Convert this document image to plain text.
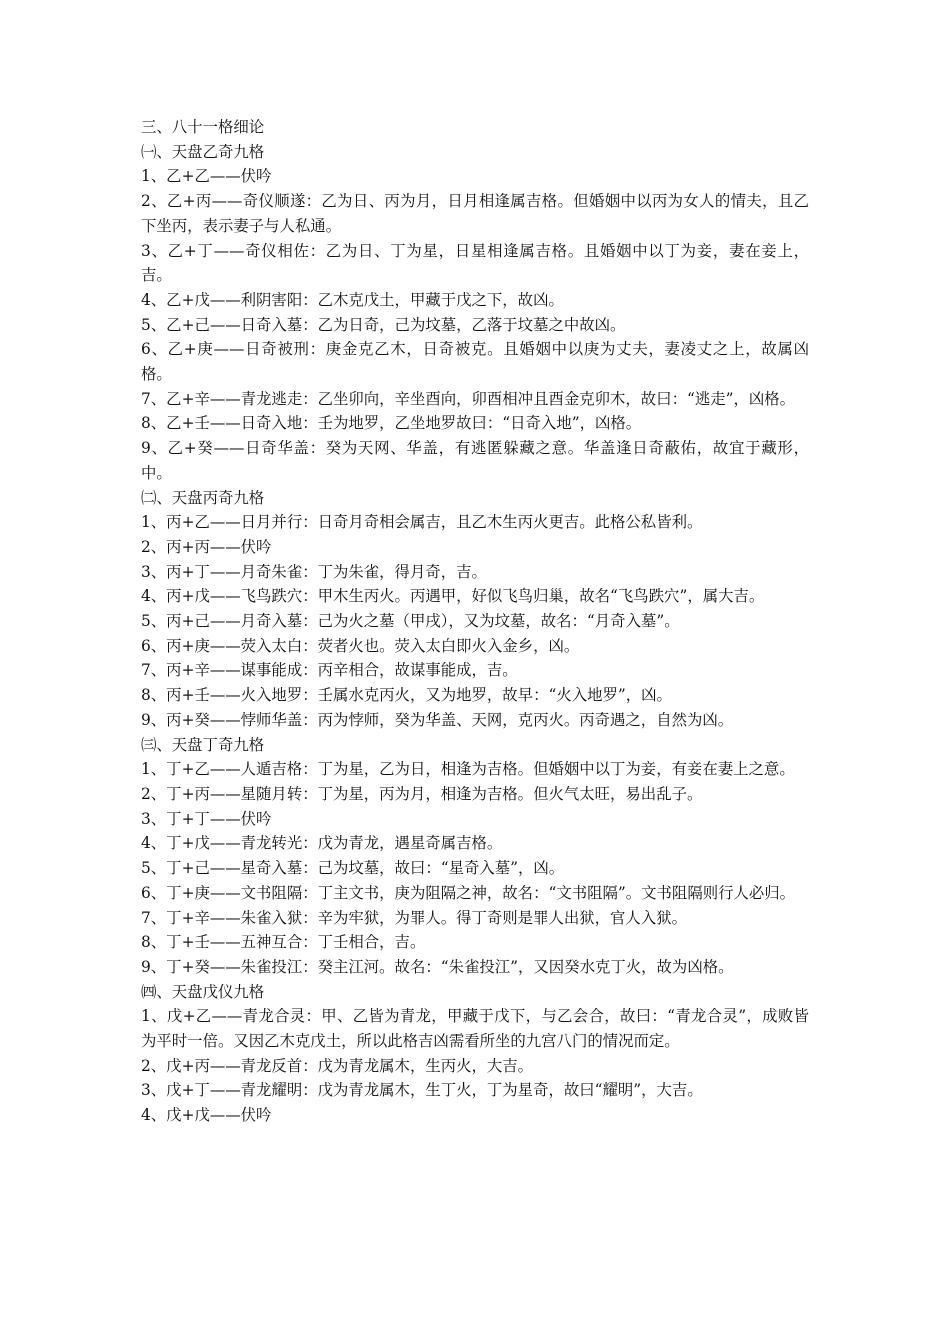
三、八十一格细论

㈠、天盘乙奇九格

1、乙+乙——伏吟

2、乙+丙——奇仪顺遂：乙为日、丙为月，日月相逢属吉格。但婚姻中以丙为女人的情夫，且乙下坐丙，表示妻子与人私通。

3、乙+丁——奇仪相佐：乙为日、丁为星，日星相逢属吉格。且婚姻中以丁为妾，妻在妾上，吉。

4、乙+戊——利阴害阳：乙木克戊土，甲藏于戊之下，故凶。

5、乙+己——日奇入墓：乙为日奇，己为坟墓，乙落于坟墓之中故凶。

6、乙+庚——日奇被刑：庚金克乙木，日奇被克。且婚姻中以庚为丈夫，妻凌丈之上，故属凶格。

7、乙+辛——青龙逃走：乙坐卯向，辛坐酉向，卯酉相冲且酉金克卯木，故曰：“逃走”，凶格。

8、乙+壬——日奇入地：壬为地罗，乙坐地罗故曰：“日奇入地”，凶格。

9、乙+癸——日奇华盖：癸为天网、华盖，有逃匿躲藏之意。华盖逢日奇蔽佑，故宜于藏形，中。

㈡、天盘丙奇九格

1、丙+乙——日月并行：日奇月奇相会属吉，且乙木生丙火更吉。此格公私皆利。

2、丙+丙——伏吟

3、丙+丁——月奇朱雀：丁为朱雀，得月奇，吉。

4、丙+戊——飞鸟跌穴：甲木生丙火。丙遇甲，好似飞鸟归巢，故名“飞鸟跌穴”，属大吉。

5、丙+己——月奇入墓：己为火之墓（甲戌），又为坟墓，故名：“月奇入墓”。

6、丙+庚——荧入太白：荧者火也。荧入太白即火入金乡，凶。

7、丙+辛——谋事能成：丙辛相合，故谋事能成，吉。

8、丙+壬——火入地罗：壬属水克丙火，又为地罗，故早：“火入地罗”，凶。

9、丙+癸——悖师华盖：丙为悖师，癸为华盖、天网，克丙火。丙奇遇之，自然为凶。

㈢、天盘丁奇九格

1、丁+乙——人遁吉格：丁为星，乙为日，相逢为吉格。但婚姻中以丁为妾，有妾在妻上之意。

2、丁+丙——星随月转：丁为星，丙为月，相逢为吉格。但火气太旺，易出乱子。

3、丁+丁——伏吟

4、丁+戊——青龙转光：戊为青龙，遇星奇属吉格。

5、丁+己——星奇入墓：己为坟墓，故曰：“星奇入墓”，凶。

6、丁+庚——文书阻隔：丁主文书，庚为阻隔之神，故名：“文书阻隔”。文书阻隔则行人必归。

7、丁+辛——朱雀入狱：辛为牢狱，为罪人。得丁奇则是罪人出狱，官人入狱。

8、丁+壬——五神互合：丁壬相合，吉。

9、丁+癸——朱雀投江：癸主江河。故名：“朱雀投江”，又因癸水克丁火，故为凶格。

㈣、天盘戊仪九格

1、戊+乙——青龙合灵：甲、乙皆为青龙，甲藏于戊下，与乙会合，故曰：“青龙合灵”，成败皆为平时一倍。又因乙木克戊土，所以此格吉凶需看所坐的九宫八门的情况而定。

2、戊+丙——青龙反首：戊为青龙属木，生丙火，大吉。

3、戊+丁——青龙耀明：戊为青龙属木，生丁火，丁为星奇，故曰“耀明”，大吉。

4、戊+戊——伏吟
